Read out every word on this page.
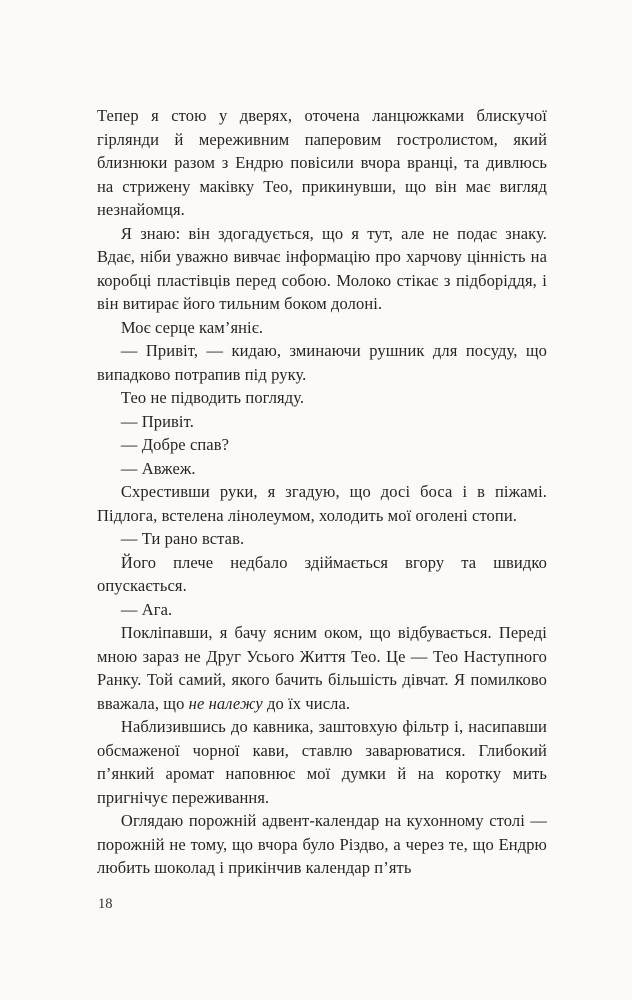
Тепер я стою у дверях, оточена ланцюжками блискучої гірлянди й мереживним паперовим гостролистом, який близнюки разом з Ендрю повісили вчора вранці, та дивлюсь на стрижену маківку Тео, прикинувши, що він має вигляд незнайомця.

Я знаю: він здогадується, що я тут, але не подає знаку. Вдає, ніби уважно вивчає інформацію про харчову цінність на коробці пластівців перед собою. Молоко стікає з підборіддя, і він витирає його тильним боком долоні.

Моє серце кам’яніє.

— Привіт, — кидаю, зминаючи рушник для посуду, що випадково потрапив під руку.

Тео не підводить погляду.

— Привіт.

— Добре спав?

— Авжеж.

Схрестивши руки, я згадую, що досі боса і в піжамі. Підлога, встелена лінолеумом, холодить мої оголені стопи.

— Ти рано встав.

Його плече недбало здіймається вгору та швидко опускається.

— Ага.

Покліпавши, я бачу ясним оком, що відбувається. Переді мною зараз не Друг Усього Життя Тео. Це — Тео Наступного Ранку. Той самий, якого бачить більшість дівчат. Я помилково вважала, що не належу до їх числа.

Наблизившись до кавника, заштовхую фільтр і, насипавши обсмаженої чорної кави, ставлю заварюватися. Глибокий п’янкий аромат наповнює мої думки й на коротку мить пригнічує переживання.

Оглядаю порожній адвент-календар на кухонному столі — порожній не тому, що вчора було Різдво, а через те, що Ендрю любить шоколад і прикінчив календар п’ять

18
